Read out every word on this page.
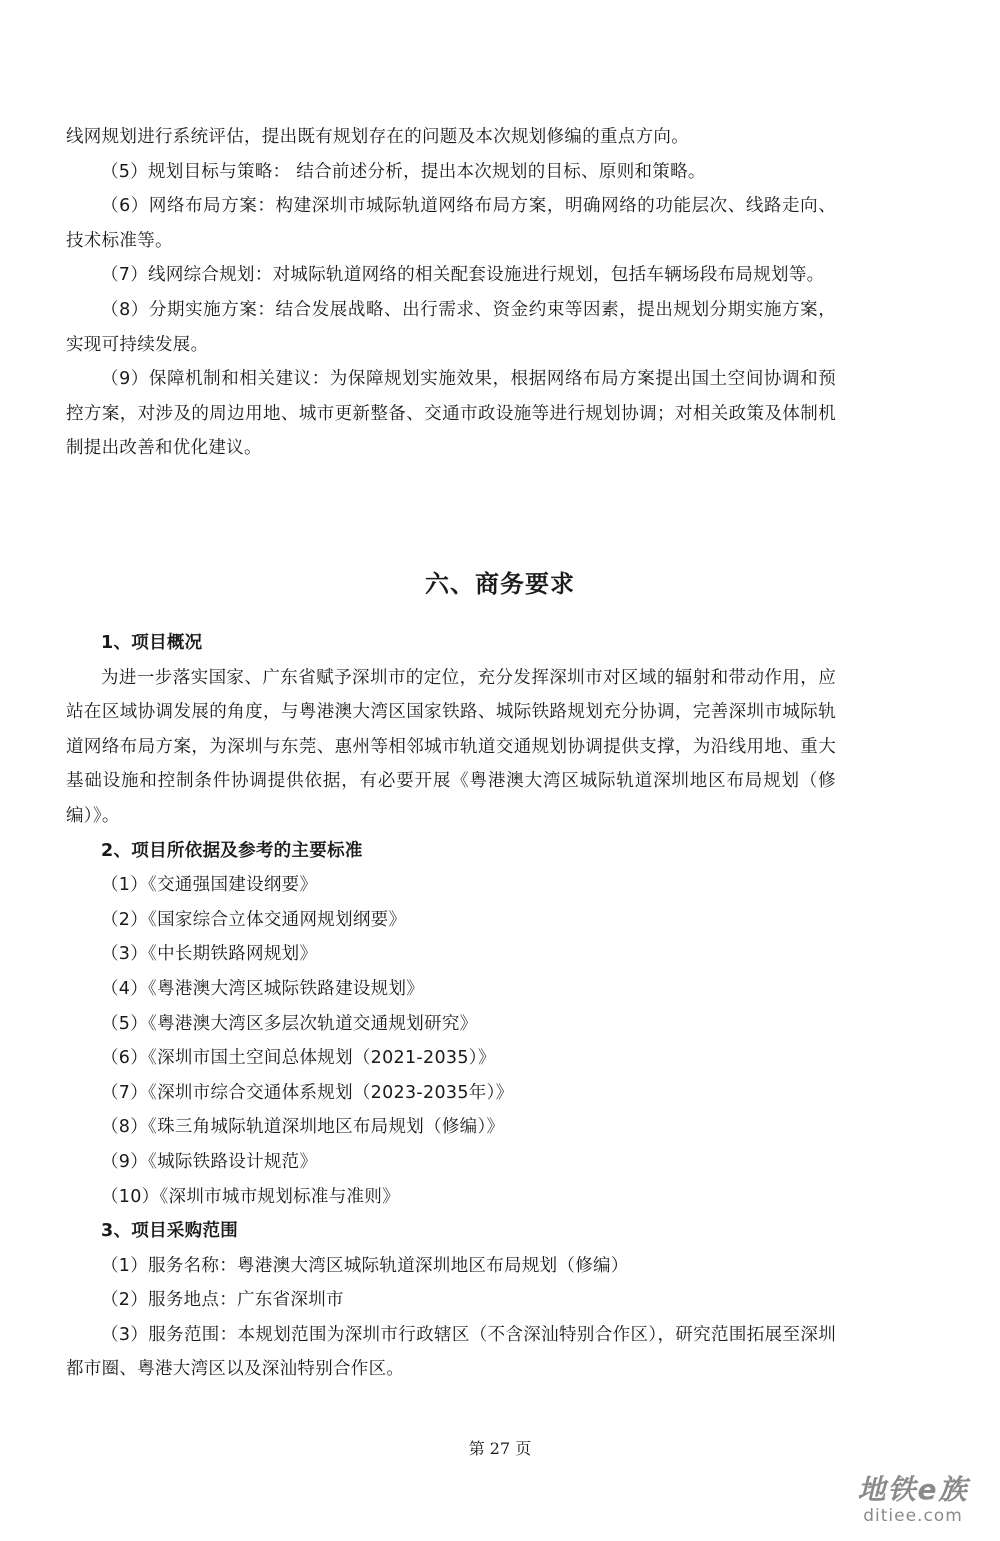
线网规划进行系统评估，提出既有规划存在的问题及本次规划修编的重点方向。

（5）规划目标与策略： 结合前述分析，提出本次规划的目标、原则和策略。

（6）网络布局方案：构建深圳市城际轨道网络布局方案，明确网络的功能层次、线路走向、技术标准等。

（7）线网综合规划：对城际轨道网络的相关配套设施进行规划，包括车辆场段布局规划等。

（8）分期实施方案：结合发展战略、出行需求、资金约束等因素，提出规划分期实施方案，实现可持续发展。

（9）保障机制和相关建议：为保障规划实施效果，根据网络布局方案提出国土空间协调和预控方案，对涉及的周边用地、城市更新整备、交通市政设施等进行规划协调；对相关政策及体制机制提出改善和优化建议。

六、商务要求

1、项目概况

为进一步落实国家、广东省赋予深圳市的定位，充分发挥深圳市对区域的辐射和带动作用，应站在区域协调发展的角度，与粤港澳大湾区国家铁路、城际铁路规划充分协调，完善深圳市城际轨道网络布局方案，为深圳与东莞、惠州等相邻城市轨道交通规划协调提供支撑，为沿线用地、重大基础设施和控制条件协调提供依据，有必要开展《粤港澳大湾区城际轨道深圳地区布局规划（修编）》。

2、项目所依据及参考的主要标准

（1）《交通强国建设纲要》

（2）《国家综合立体交通网规划纲要》

（3）《中长期铁路网规划》

（4）《粤港澳大湾区城际铁路建设规划》

（5）《粤港澳大湾区多层次轨道交通规划研究》

（6）《深圳市国土空间总体规划（2021-2035）》

（7）《深圳市综合交通体系规划（2023-2035年）》

（8）《珠三角城际轨道深圳地区布局规划（修编）》

（9）《城际铁路设计规范》

（10）《深圳市城市规划标准与准则》

3、项目采购范围

（1）服务名称：粤港澳大湾区城际轨道深圳地区布局规划（修编）

（2）服务地点：广东省深圳市

（3）服务范围：本规划范围为深圳市行政辖区（不含深汕特别合作区），研究范围拓展至深圳都市圈、粤港大湾区以及深汕特别合作区。

第 27 页
地铁e族
ditiee.com
